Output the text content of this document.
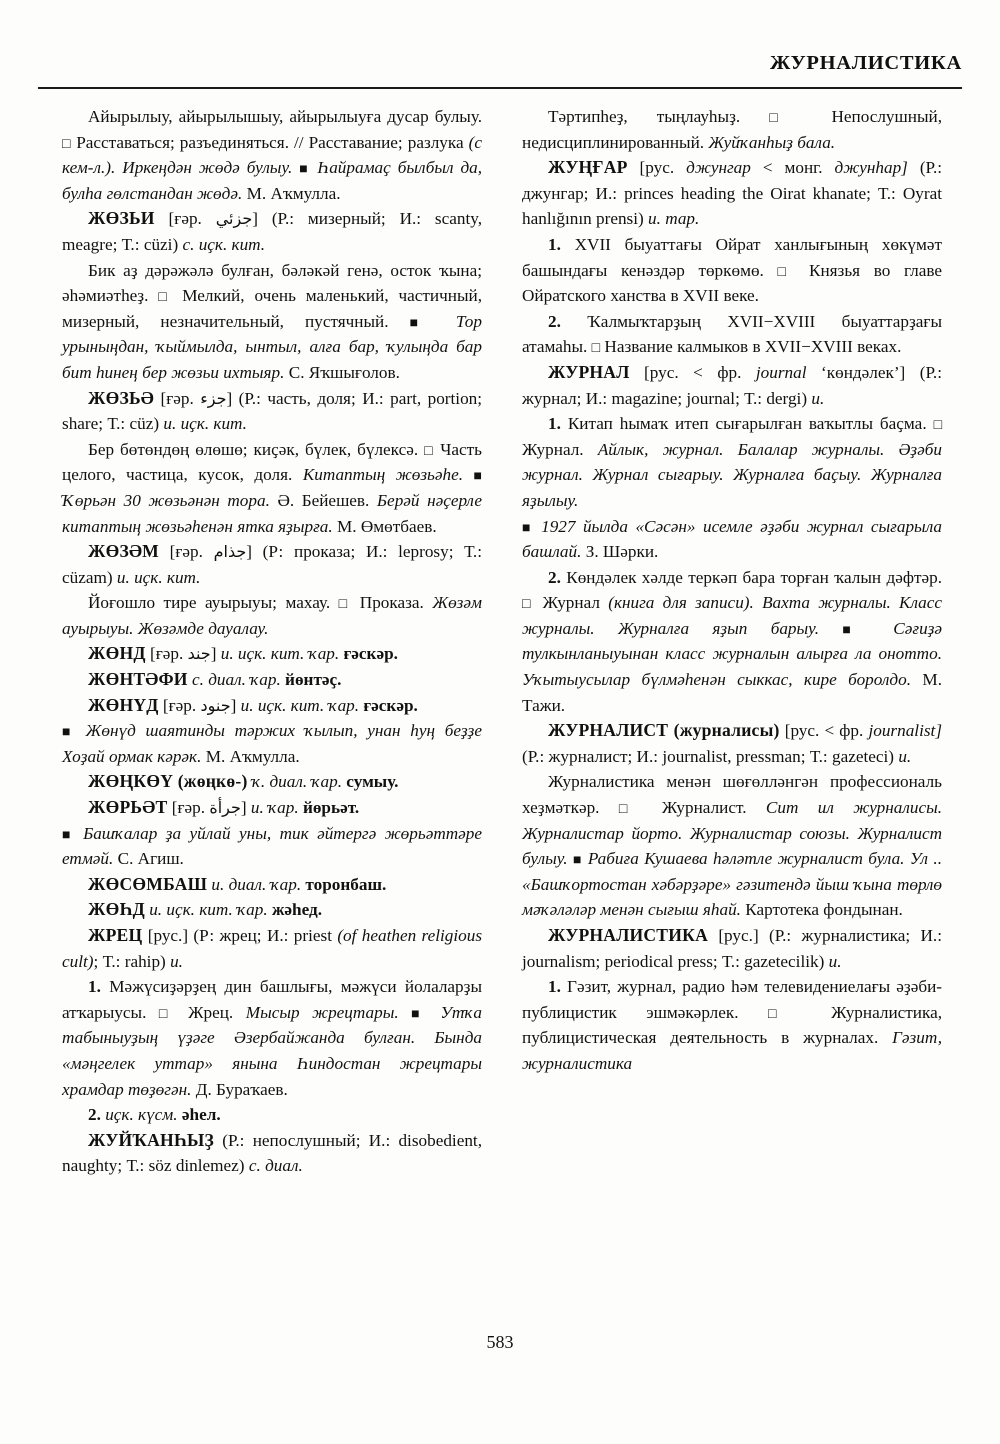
ЖУРНАЛИСТИКА

Айырылыу, айырылышыу, айырылыуға дусар булыу. □ Расставаться; разъединяться. // Расставание; разлука (с кем-л.). Иркеңдән жөдә булыу. ■ Һайрамаҫ былбыл да, булһа гөлстандан жөдә. М. Аҡмулла.

ЖӨЗЬИ [ғәр. جزئي] (Р.: мизерный; И.: scanty, meagre; Т.: cüzi) с. иҫк. кит.

Бик аҙ дәрәжәлә булған, бәләкәй генә, осток ҡына; әһәмиәтһеҙ. □ Мелкий, очень маленький, частичный, мизерный, незначительный, пустячный. ■	Тор урыныңдан, ҡыймылда, ынтыл, алға бар, ҡулыңда бар бит һинең бер жөзьи ихтыяр. С. Яҡшығолов.

ЖӨЗЬӘ [ғәр. جزء] (Р.: часть, доля; И.: part, portion; share; Т.: cüz) и. иҫк. кит.

Бер бөтөндөң өлөшө; киҫәк, бүлек, бүлексә. □ Часть целого, частица, кусок, доля. Китаптың жөзьәһе. ■ Ҡөрьән 30 жөзьәнән тора. Ә. Бейешев. Берәй нәҫерле китаптың жөзьәһенән ятка яҙырға. М. Өмөтбаев.

ЖӨЗӘМ [ғәр. جذام] (Р: проказа; И.: leprosy; Т.: cüzam) и. иҫк. кит.

Йоғошло тире ауырыуы; махау. □ Проказа. Жөзәм ауырыуы. Жөзәмде дауалау.

ЖӨНД [ғәр. جند] и. иҫк. кит. ҡар. ғәскәр.

ЖӨНТӘФИ с. диал. ҡар. йөнтәҫ.

ЖӨНҮД [ғәр. جنود] и. иҫк. кит. ҡар. ғәскәр.

■ Жөнүд шаятинды тәржих ҡылып, унан һуң беҙҙе Хоҙай ормак кәрәк. М. Аҡмулла.

ЖӨҢКӨҮ (жөңкө-) ҡ. диал. ҡар. сумыу.

ЖӨРЬӘТ [ғәр. جرأة] и. ҡар. йөрьәт.

■ Башҡалар ҙа уйлай уны, тик әйтергә жөрьәттәре етмәй. С. Агиш.

ЖӨСӨМБАШ и. диал. ҡар. торонбаш.

ЖӨҺД и. иҫк. кит. ҡар. жәһед.

ЖРЕЦ [рус.] (Р: жрец; И.: priest (of heathen religious cult); Т.: rahip) и.

1. Мәжүсиҙәрҙең дин башлығы, мәжүси йолаларҙы атҡарыусы. □ Жрец. Мысыр жрецтары. ■ Утҡа табыныуҙың үҙәге Әзербайжанда булған. Бында «мәңгелек уттар» янына Һиндостан жрецтары храмдар төҙөгән. Д. Бураҡаев.

2. иҫк. күсм. әһел.

ЖУЙҠАНҺЫҘ (Р.: непослушный; И.: disobedient, naughty; Т.: söz dinlemez) с. диал.

Тәртипһеҙ, тыңлауһыҙ. □	Непослушный, недисциплинированный. Жуйҡанһыҙ бала.

ЖУҢҒАР [рус. джунгар < монг. джунһар] (Р.: джунгар; И.: princes heading the Oirat khanate; Т.: Oyrat hanlığının prensi) и. тар.

1. XVII быуаттағы Ойрат ханлығының хөкүмәт башындағы кенәздәр төркөмө. □	Князья во главе Ойратского ханства в XVII веке.

2. Ҡалмыҡтарҙың XVII−XVIII быуаттарҙағы атамаһы. □ Название калмыков в XVII−XVIII веках.

ЖУРНАЛ [рус. < фр. journal ‘көндәлек’] (Р.: журнал; И.: magazine; journal; Т.: dergi) и.

1. Китап һымаҡ итеп сығарылған ваҡытлы баҫма. □ Журнал. Айлык, журнал. Балалар журналы. Әҙәби журнал. Журнал сығарыу. Журналға баҫыу. Журналға яҙылыу.

■ 1927 йылда «Сәсән» исемле әҙәби журнал сығарыла башлай. З. Шәрки.

2. Көндәлек хәлде теркәп бара торған ҡалын дәфтәр. □ Журнал (книга для записи). Вахта журналы. Класс журналы. Журналға яҙып барыу. ■	Сәғиҙә тулкынланыуынан класс журналын алырға ла онотто. Уҡытыусылар бүлмәһенән сыккас, кире боролдо. М. Тажи.

ЖУРНАЛИСТ (журналисы) [рус. < фр. journalist] (Р.: журналист; И.: journalist, pressman; Т.: gazeteci) и.

Журналистика менән шөғөлләнгән профессиональ хеҙмәткәр. □	Журналист. Сит ил журналисы. Журналистар йорто. Журналистар союзы. Журналист булыу. ■ Рабиға Кушаева һәләтле журналист була. Ул .. «Башҡортостан хәбәрҙәре» гәзитендә йыш ҡына төрлө мәҡәләләр менән сығыш яһай. Картотека фондынан.

ЖУРНАЛИСТИКА [рус.] (Р.: журналистика; И.: journalism; periodical press; Т.: gazetecilik) и.

1. Гәзит, журнал, радио һәм телевидениелағы әҙәби-публицистик эшмәкәрлек. □	Журналистика, публицистическая деятельность в журналах. Гәзит, журналистика

583
